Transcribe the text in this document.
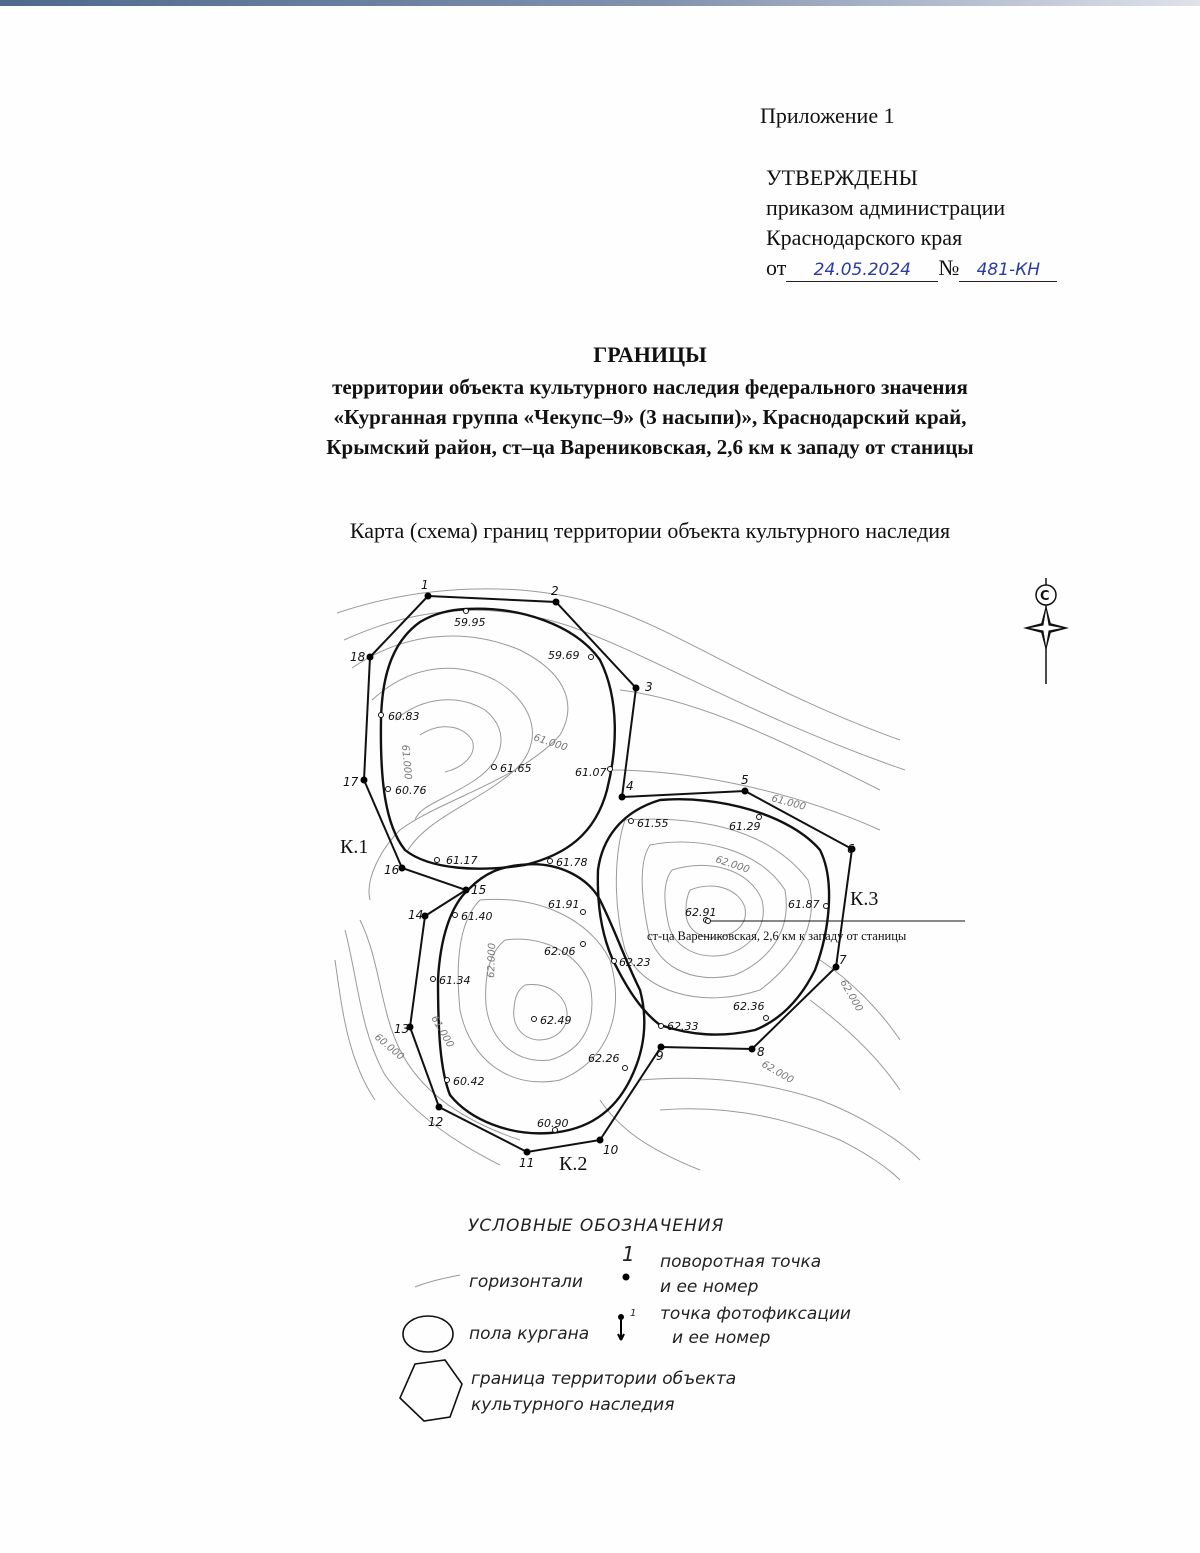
Приложение 1
УТВЕРЖДЕНЫ
приказом администрации
Краснодарского края
от 24.05.2024 № 481-КН
ГРАНИЦЫ
территории объекта культурного наследия федерального значения
«Курганная группа «Чекупс–9» (3 насыпи)», Краснодарский край,
Крымский район, ст–ца Варениковская, 2,6 км к западу от станицы
Карта (схема) границ территории объекта культурного наследия
1	2
3
4	5
6
7
8
9
10
11
12
13
14
15
16
17
18
59.95
59.69
60.83
61.65	61.07
60.76
61.55	61.29
61.17	61.78
61.40
61.91
62.06
62.91
61.87
62.23
61.34
62.49	62.33
62.36
62.26
60.42
60.90
61.000
61.000
61.000
62.000
62.000
62.000
62.000
61.000
60.000
К.1
К.2
К.3
ст-ца Варениковская, 2,6 км к западу от станицы
С
УСЛОВНЫЕ ОБОЗНАЧЕНИЯ
горизонтали
1 поворотная точка
и ее номер
1 точка фотофиксации
и ее номер
пола кургана
граница территории объекта
культурного наследия
